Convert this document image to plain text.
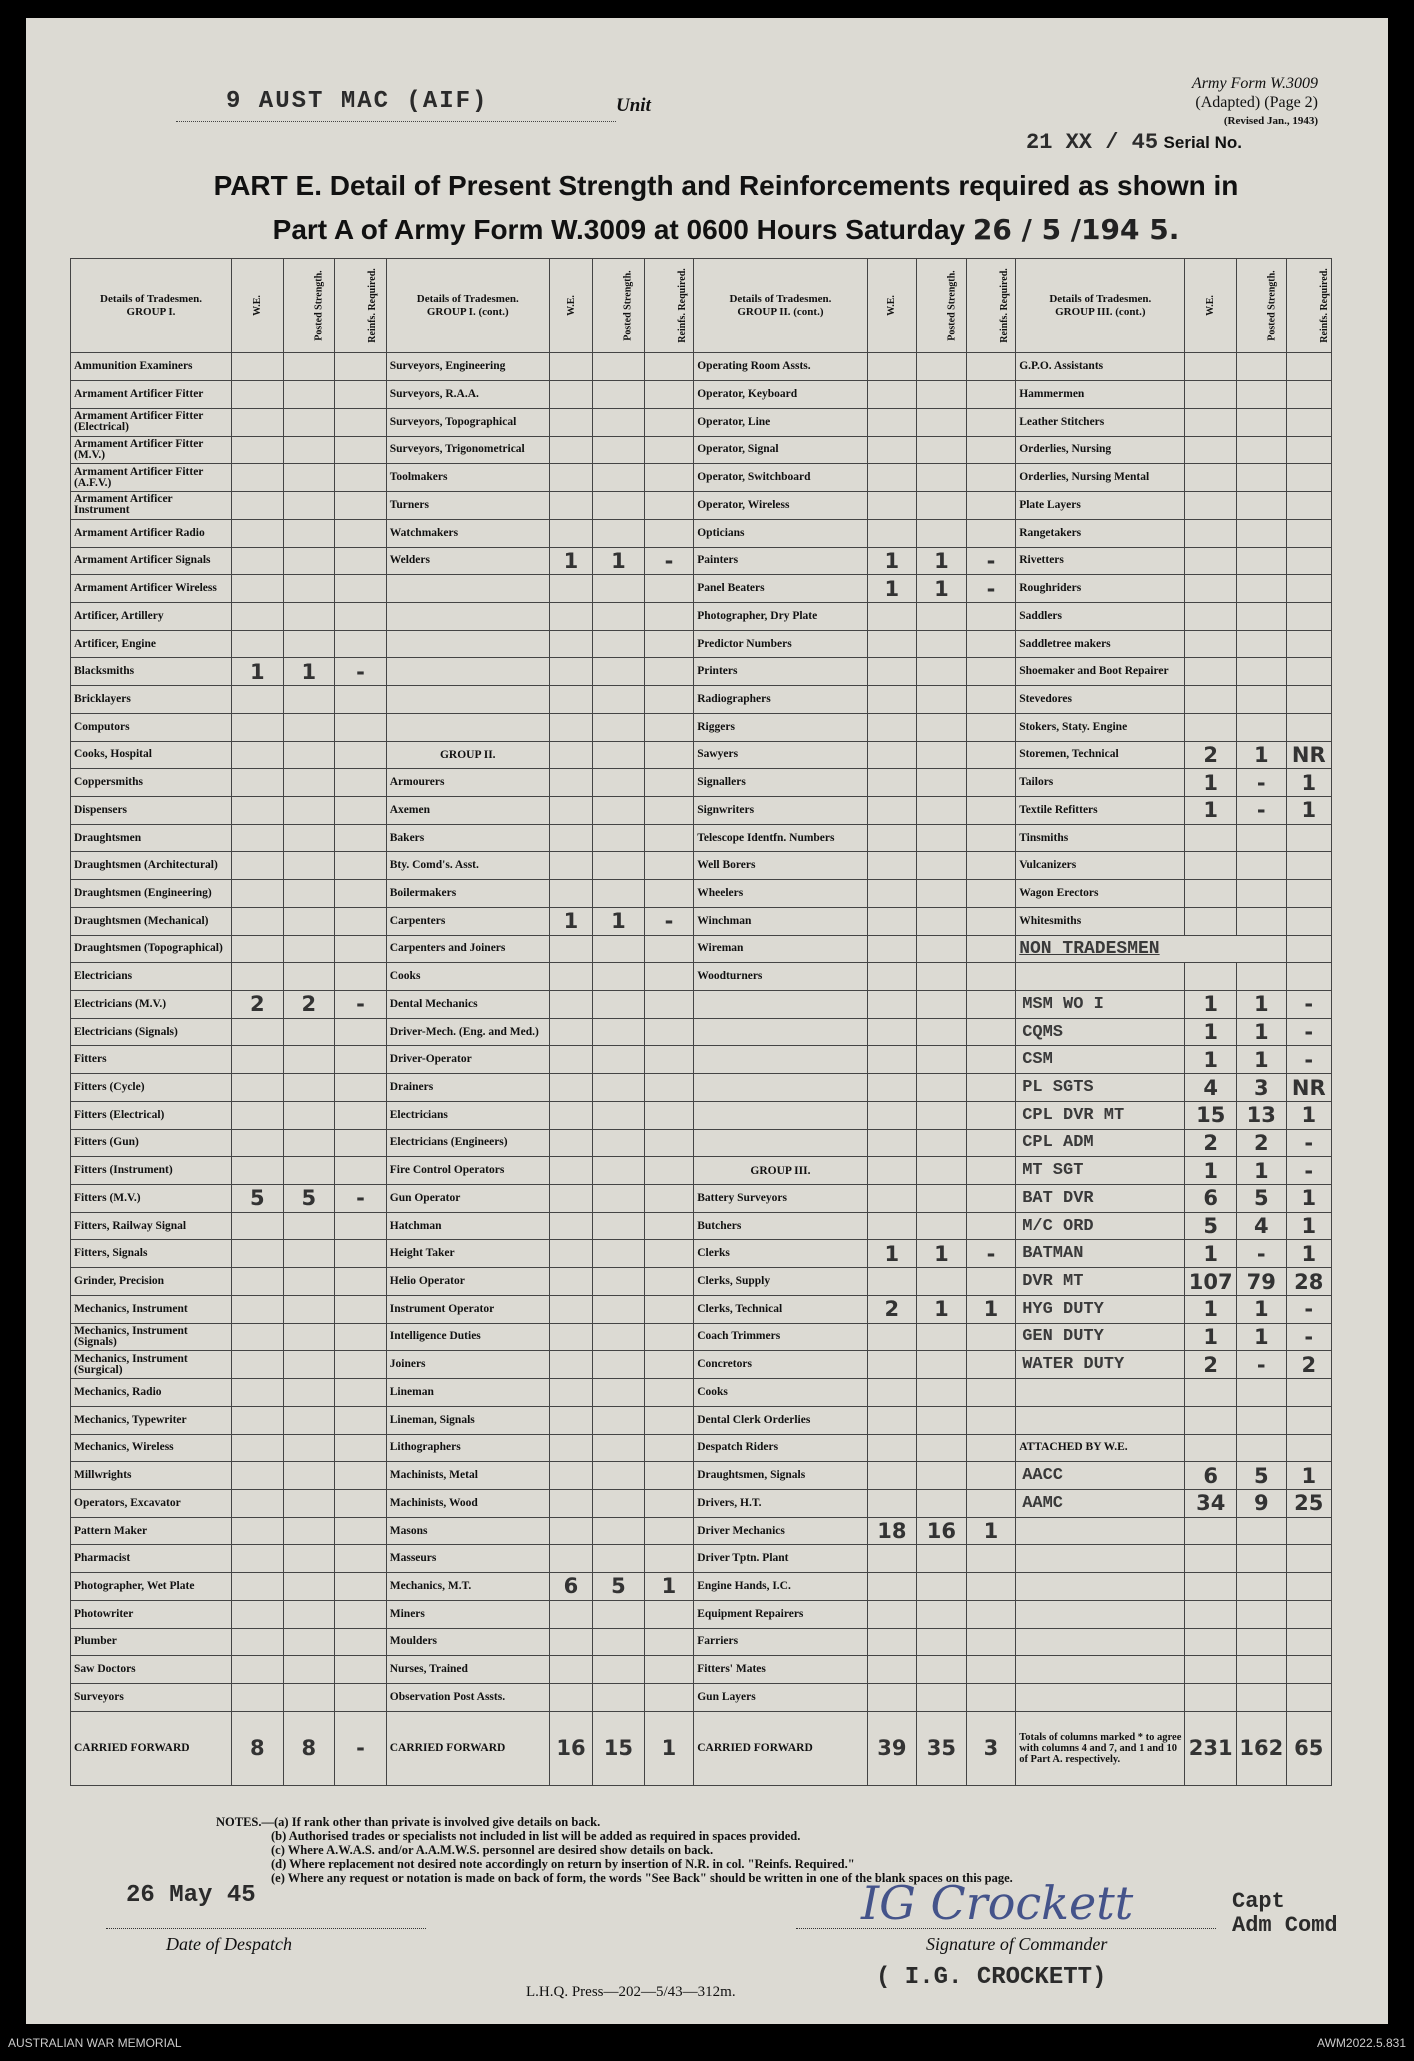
9 AUST MAC (AIF)	Unit
Army Form W.3009
(Adapted) (Page 2)
(Revised Jan., 1943)
21 XX / 45 Serial No.
PART E. Detail of Present Strength and Reinforcements required as shown in
Part A of Army Form W.3009 at 0600 Hours Saturday 26 / 5 /194 5.
Details of Tradesmen.
GROUP I.	W.E.	Posted Strength.	Reinfs. Required.	Details of Tradesmen.
GROUP I. (cont.)	W.E.	Posted Strength.	Reinfs. Required.	Details of Tradesmen.
GROUP II. (cont.)	W.E.	Posted Strength.	Reinfs. Required.	Details of Tradesmen.
GROUP III. (cont.)	W.E.	Posted Strength.	Reinfs. Required.
Ammunition Examiners				Surveyors, Engineering				Operating Room Assts.				G.P.O. Assistants			
Armament Artificer Fitter				Surveyors, R.A.A.				Operator, Keyboard				Hammermen			
Armament Artificer Fitter (Electrical)				Surveyors, Topographical				Operator, Line				Leather Stitchers			
Armament Artificer Fitter (M.V.)				Surveyors, Trigonometrical				Operator, Signal				Orderlies, Nursing			
Armament Artificer Fitter (A.F.V.)				Toolmakers				Operator, Switchboard				Orderlies, Nursing Mental			
Armament Artificer Instrument				Turners				Operator, Wireless				Plate Layers			
Armament Artificer Radio				Watchmakers				Opticians				Rangetakers			
Armament Artificer Signals				Welders	1	1	-	Painters	1	1	-	Rivetters			
Armament Artificer Wireless								Panel Beaters	1	1	-	Roughriders			
Artificer, Artillery								Photographer, Dry Plate				Saddlers			
Artificer, Engine								Predictor Numbers				Saddletree makers			
Blacksmiths	1	1	-					Printers				Shoemaker and Boot Repairer			
Bricklayers								Radiographers				Stevedores			
Computors								Riggers				Stokers, Staty. Engine			
Cooks, Hospital				GROUP II.				Sawyers				Storemen, Technical	2	1	NR
Coppersmiths				Armourers				Signallers				Tailors	1	-	1
Dispensers				Axemen				Signwriters				Textile Refitters	1	-	1
Draughtsmen				Bakers				Telescope Identfn. Numbers				Tinsmiths			
Draughtsmen (Architectural)				Bty. Comd's. Asst.				Well Borers				Vulcanizers			
Draughtsmen (Engineering)				Boilermakers				Wheelers				Wagon Erectors			
Draughtsmen (Mechanical)				Carpenters	1	1	-	Winchman				Whitesmiths			
Draughtsmen (Topographical)				Carpenters and Joiners				Wireman				NON TRADESMEN			
Electricians				Cooks				Woodturners							
Electricians (M.V.)	2	2	-	Dental Mechanics								MSM WO I	1	1	-
Electricians (Signals)				Driver-Mech. (Eng. and Med.)								CQMS	1	1	-
Fitters				Driver-Operator								CSM	1	1	-
Fitters (Cycle)				Drainers								PL SGTS	4	3	NR
Fitters (Electrical)				Electricians								CPL DVR MT	15	13	1
Fitters (Gun)				Electricians (Engineers)								CPL ADM	2	2	-
Fitters (Instrument)				Fire Control Operators				GROUP III.				MT SGT	1	1	-
Fitters (M.V.)	5	5	-	Gun Operator				Battery Surveyors				BAT DVR	6	5	1
Fitters, Railway Signal				Hatchman				Butchers				M/C ORD	5	4	1
Fitters, Signals				Height Taker				Clerks	1	1	-	BATMAN	1	-	1
Grinder, Precision				Helio Operator				Clerks, Supply				DVR MT	107	79	28
Mechanics, Instrument				Instrument Operator				Clerks, Technical	2	1	1	HYG DUTY	1	1	-
Mechanics, Instrument (Signals)				Intelligence Duties				Coach Trimmers				GEN DUTY	1	1	-
Mechanics, Instrument (Surgical)				Joiners				Concretors				WATER DUTY	2	-	2
Mechanics, Radio				Lineman				Cooks							
Mechanics, Typewriter				Lineman, Signals				Dental Clerk Orderlies							
Mechanics, Wireless				Lithographers				Despatch Riders				ATTACHED BY W.E.			
Millwrights				Machinists, Metal				Draughtsmen, Signals				AACC	6	5	1
Operators, Excavator				Machinists, Wood				Drivers, H.T.				AAMC	34	9	25
Pattern Maker				Masons				Driver Mechanics	18	16	1				
Pharmacist				Masseurs				Driver Tptn. Plant							
Photographer, Wet Plate				Mechanics, M.T.	6	5	1	Engine Hands, I.C.							
Photowriter				Miners				Equipment Repairers							
Plumber				Moulders				Farriers							
Saw Doctors				Nurses, Trained				Fitters' Mates							
Surveyors				Observation Post Assts.				Gun Layers							
CARRIED FORWARD	8	8	-	CARRIED FORWARD	16	15	1	CARRIED FORWARD	39	35	3	Totals of columns marked * to agree with columns 4 and 7, and 1 and 10 of Part A. respectively.	231	162	65
NOTES.—(a) If rank other than private is involved give details on back.
(b) Authorised trades or specialists not included in list will be added as required in spaces provided.
(c) Where A.W.A.S. and/or A.A.M.W.S. personnel are desired show details on back.
(d) Where replacement not desired note accordingly on return by insertion of N.R. in col. "Reinfs. Required."
(e) Where any request or notation is made on back of form, the words "See Back" should be written in one of the blank spaces on this page.
26 May 45
Date of Despatch
IG Crockett	Capt
Adm Comd
Signature of Commander
( I.G. CROCKETT)
L.H.Q. Press—202—5/43—312m.
AUSTRALIAN WAR MEMORIAL	AWM2022.5.831
